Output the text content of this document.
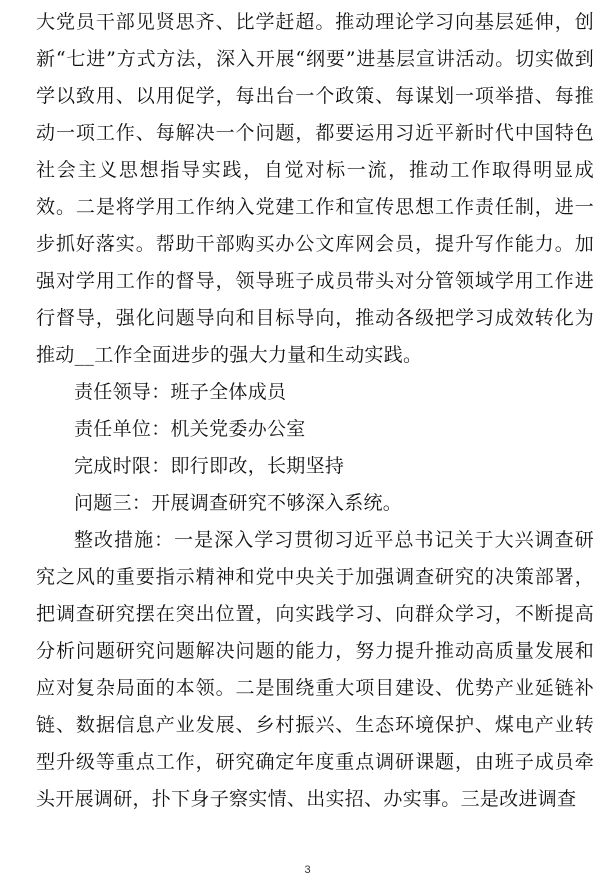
大党员干部见贤思齐、比学赶超。推动理论学习向基层延伸，创新“七进”方式方法，深入开展“纲要”进基层宣讲活动。切实做到学以致用、以用促学，每出台一个政策、每谋划一项举措、每推动一项工作、每解决一个问题，都要运用习近平新时代中国特色社会主义思想指导实践，自觉对标一流，推动工作取得明显成效。二是将学用工作纳入党建工作和宣传思想工作责任制，进一步抓好落实。帮助干部购买办公文库网会员，提升写作能力。加强对学用工作的督导，领导班子成员带头对分管领域学用工作进行督导，强化问题导向和目标导向，推动各级把学习成效转化为推动__工作全面进步的强大力量和生动实践。

责任领导：班子全体成员

责任单位：机关党委办公室

完成时限：即行即改，长期坚持

问题三：开展调查研究不够深入系统。

整改措施：一是深入学习贯彻习近平总书记关于大兴调查研究之风的重要指示精神和党中央关于加强调查研究的决策部署，把调查研究摆在突出位置，向实践学习、向群众学习，不断提高分析问题研究问题解决问题的能力，努力提升推动高质量发展和应对复杂局面的本领。二是围绕重大项目建设、优势产业延链补链、数据信息产业发展、乡村振兴、生态环境保护、煤电产业转型升级等重点工作，研究确定年度重点调研课题，由班子成员牵头开展调研，扑下身子察实情、出实招、办实事。三是改进调查

3
